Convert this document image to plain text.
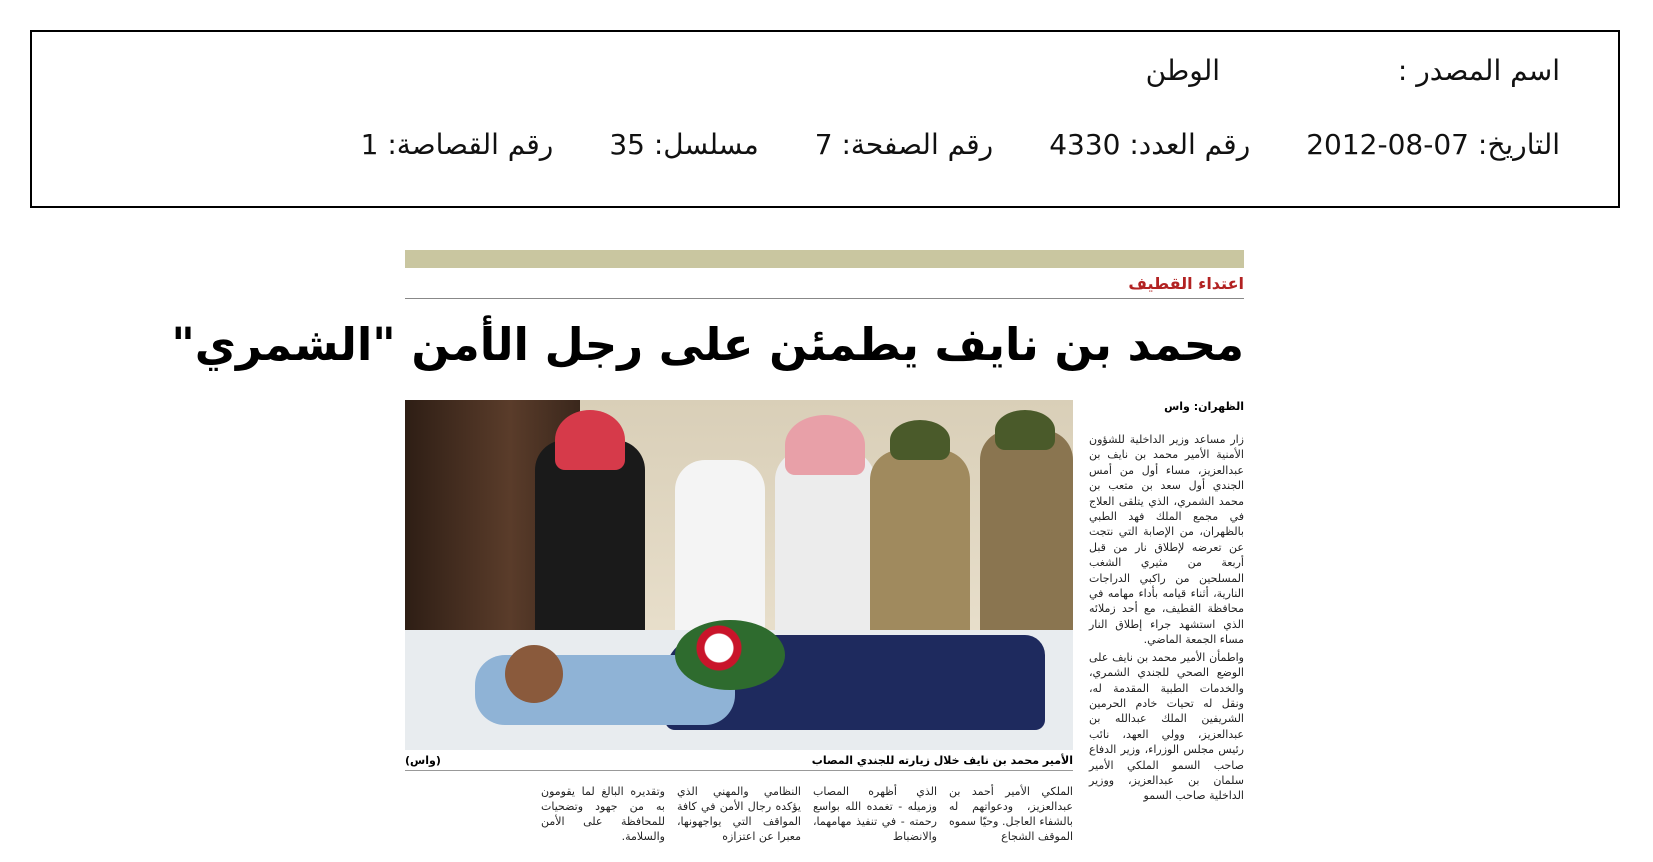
اسم المصدر :
الوطن
التاريخ: 07-08-2012
رقم العدد: 4330
رقم الصفحة: 7
مسلسل: 35
رقم القصاصة: 1
اعتداء القطيف
محمد بن نايف يطمئن على رجل الأمن "الشمري"
الأمير محمد بن نايف خلال زيارته للجندي المصاب
(واس)
الظهران: واس

زار مساعد وزير الداخلية للشؤون الأمنية الأمير محمد بن نايف بن عبدالعزيز، مساء أول من أمس الجندي أول سعد بن متعب بن محمد الشمري، الذي يتلقى العلاج في مجمع الملك فهد الطبي بالظهران، من الإصابة التي نتجت عن تعرضه لإطلاق نار من قبل أربعة من مثيري الشغب المسلحين من راكبي الدراجات النارية، أثناء قيامه بأداء مهامه في محافظة القطيف، مع أحد زملائه الذي استشهد جراء إطلاق النار مساء الجمعة الماضي.

واطمأن الأمير محمد بن نايف على الوضع الصحي للجندي الشمري، والخدمات الطبية المقدمة له، ونقل له تحيات خادم الحرمين الشريفين الملك عبدالله بن عبدالعزيز، وولي العهد، نائب رئيس مجلس الوزراء، وزير الدفاع صاحب السمو الملكي الأمير سلمان بن عبدالعزيز، ووزير الداخلية صاحب السمو

الملكي الأمير أحمد بن عبدالعزيز، ودعواتهم له بالشفاء العاجل. وحيّا سموه الموقف الشجاع
الذي أظهره المصاب وزميله - تغمده الله بواسع رحمته - في تنفيذ مهامهما، والانضباط
النظامي والمهني الذي يؤكده رجال الأمن في كافة المواقف التي يواجهونها، معبرا عن اعتزازه
وتقديره البالغ لما يقومون به من جهود وتضحيات للمحافظة على الأمن والسلامة.
